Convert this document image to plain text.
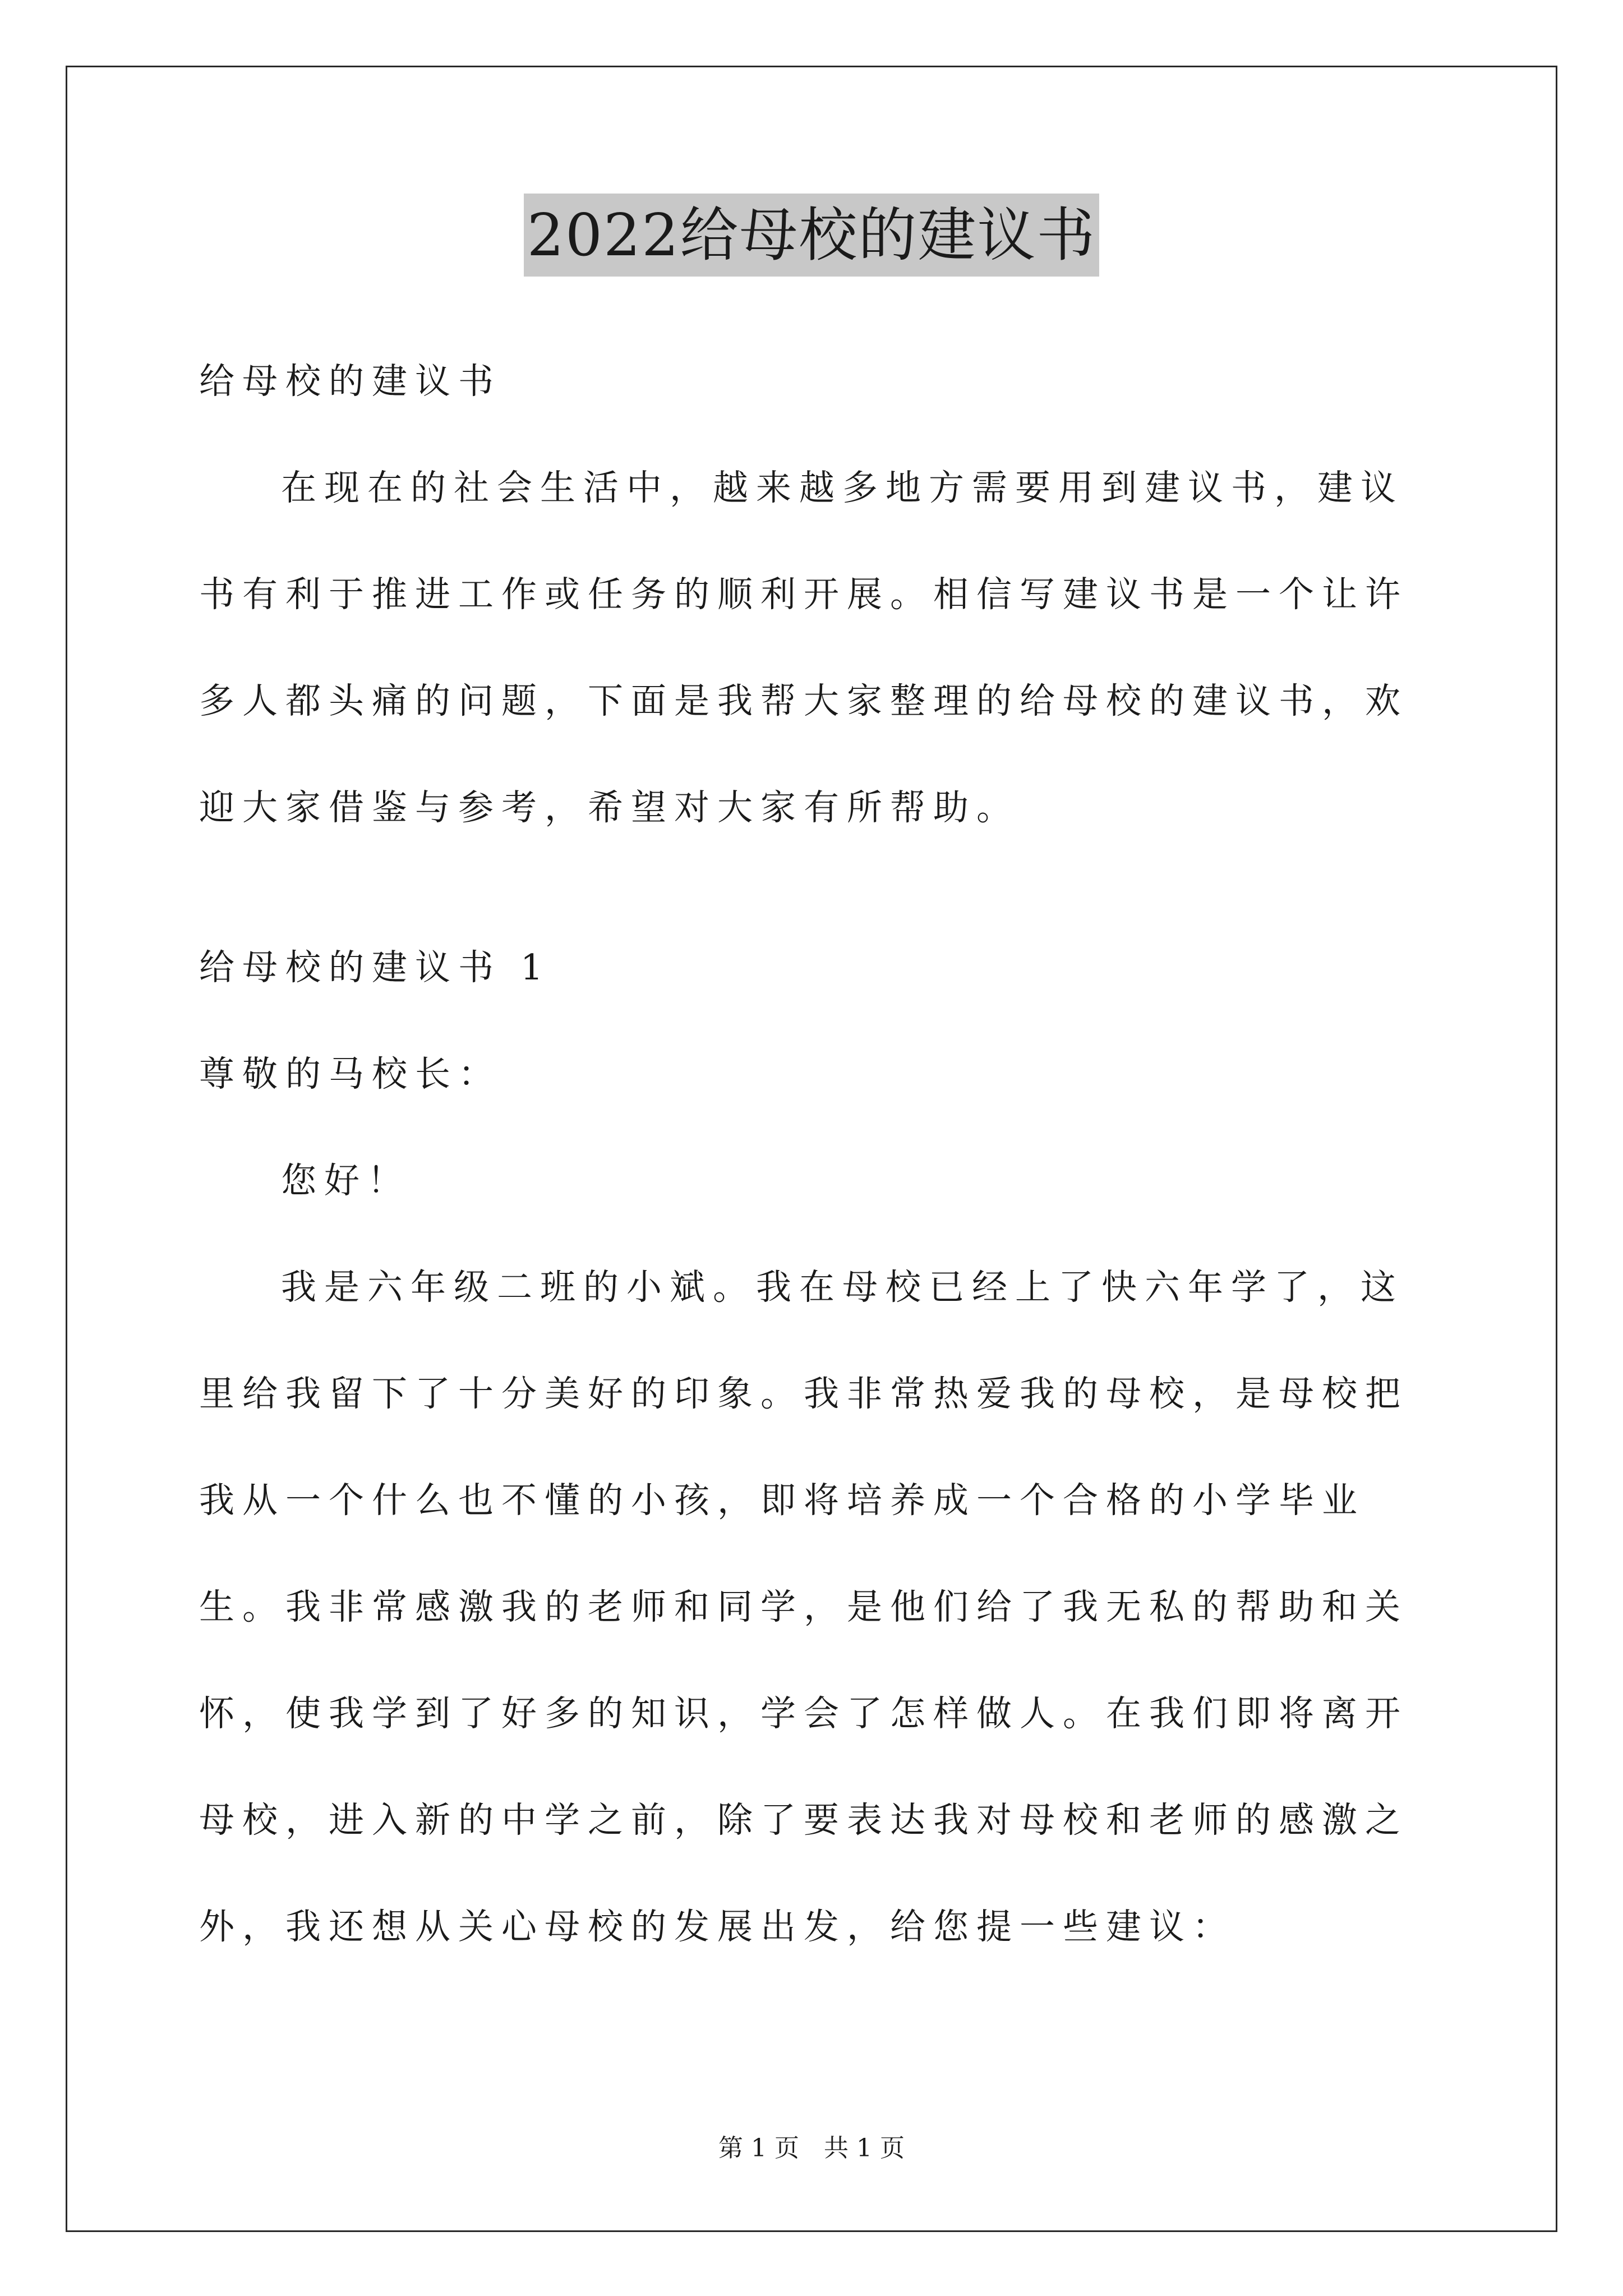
2022给母校的建议书

给母校的建议书

在现在的社会生活中，越来越多地方需要用到建议书，建议书有利于推进工作或任务的顺利开展。相信写建议书是一个让许多人都头痛的问题，下面是我帮大家整理的给母校的建议书，欢迎大家借鉴与参考，希望对大家有所帮助。

给母校的建议书 1

尊敬的马校长：

您好！

我是六年级二班的小斌。我在母校已经上了快六年学了，这里给我留下了十分美好的印象。我非常热爱我的母校，是母校把我从一个什么也不懂的小孩，即将培养成一个合格的小学毕业生。我非常感激我的老师和同学，是他们给了我无私的帮助和关怀，使我学到了好多的知识，学会了怎样做人。在我们即将离开母校，进入新的中学之前，除了要表达我对母校和老师的感激之外，我还想从关心母校的发展出发，给您提一些建议：

第 1 页 共 1 页
